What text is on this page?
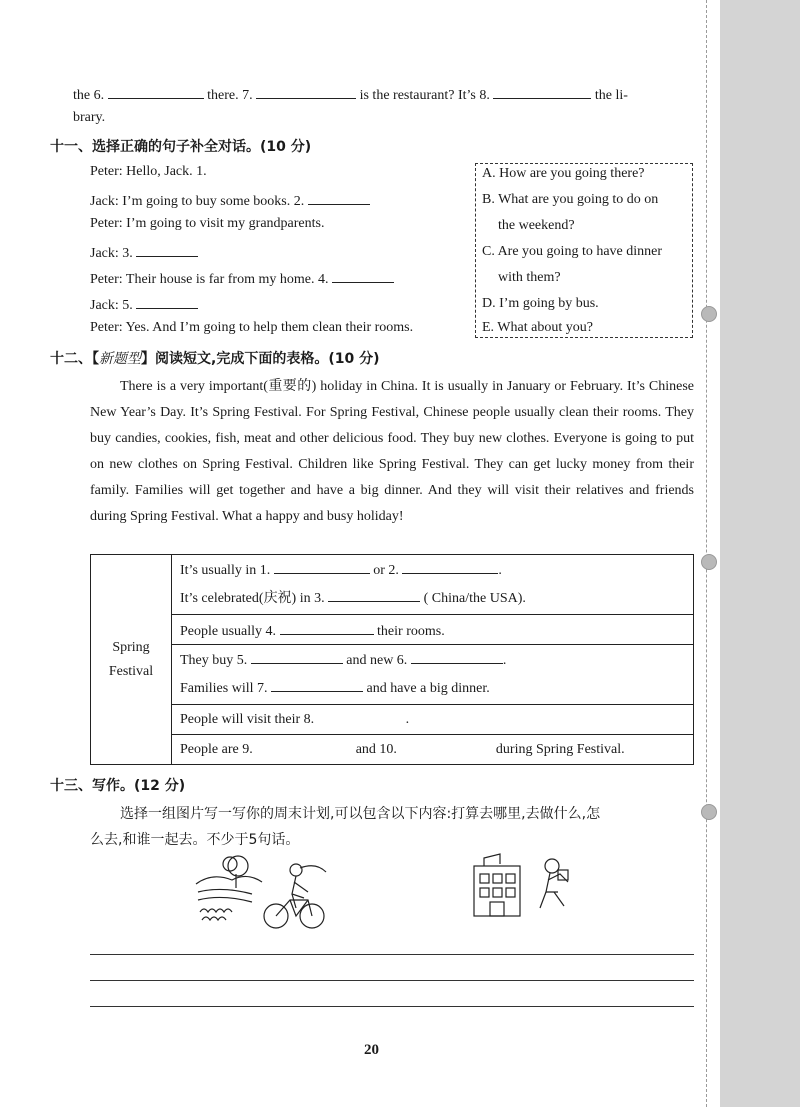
the 6.	there. 7.	is the restaurant? It’s 8.	the li-
brary.
十一、选择正确的句子补全对话。(10 分)
Peter: Hello, Jack. 1.
Jack: I’m going to buy some books. 2.
Peter: I’m going to visit my grandparents.
Jack: 3.
Peter: Their house is far from my home. 4.
Jack: 5.
Peter: Yes. And I’m going to help them clean their rooms.
A. How are you going there?
B. What are you going to do on
the weekend?
C. Are you going to have dinner
with them?
D. I’m going by bus.
E. What about you?
十二、【新题型】阅读短文,完成下面的表格。(10 分)

There is a very important(重要的) holiday in China. It is usually in January or February. It’s Chinese New Year’s Day. It’s Spring Festival. For Spring Festival, Chinese people usually clean their rooms. They buy candies, cookies, fish, meat and other delicious food. They buy new clothes. Everyone is going to put on new clothes on Spring Festival. Children like Spring Festival. They can get lucky money from their family. Families will get together and have a big dinner. And they will visit their relatives and friends during Spring Festival. What a happy and busy holiday!

Spring
Festival

It’s usually in 1.	or 2.	.
It’s celebrated(庆祝) in 3.	( China/the USA).

People usually 4.	their rooms.

They buy 5.	and new 6.	.
Families will 7.	and have a big dinner.

People will visit their 8.	.
People are 9.	and 10.	during Spring Festival.
十三、写作。(12 分)
选择一组图片写一写你的周末计划,可以包含以下内容:打算去哪里,去做什么,怎
么去,和谁一起去。不少于5句话。
20
